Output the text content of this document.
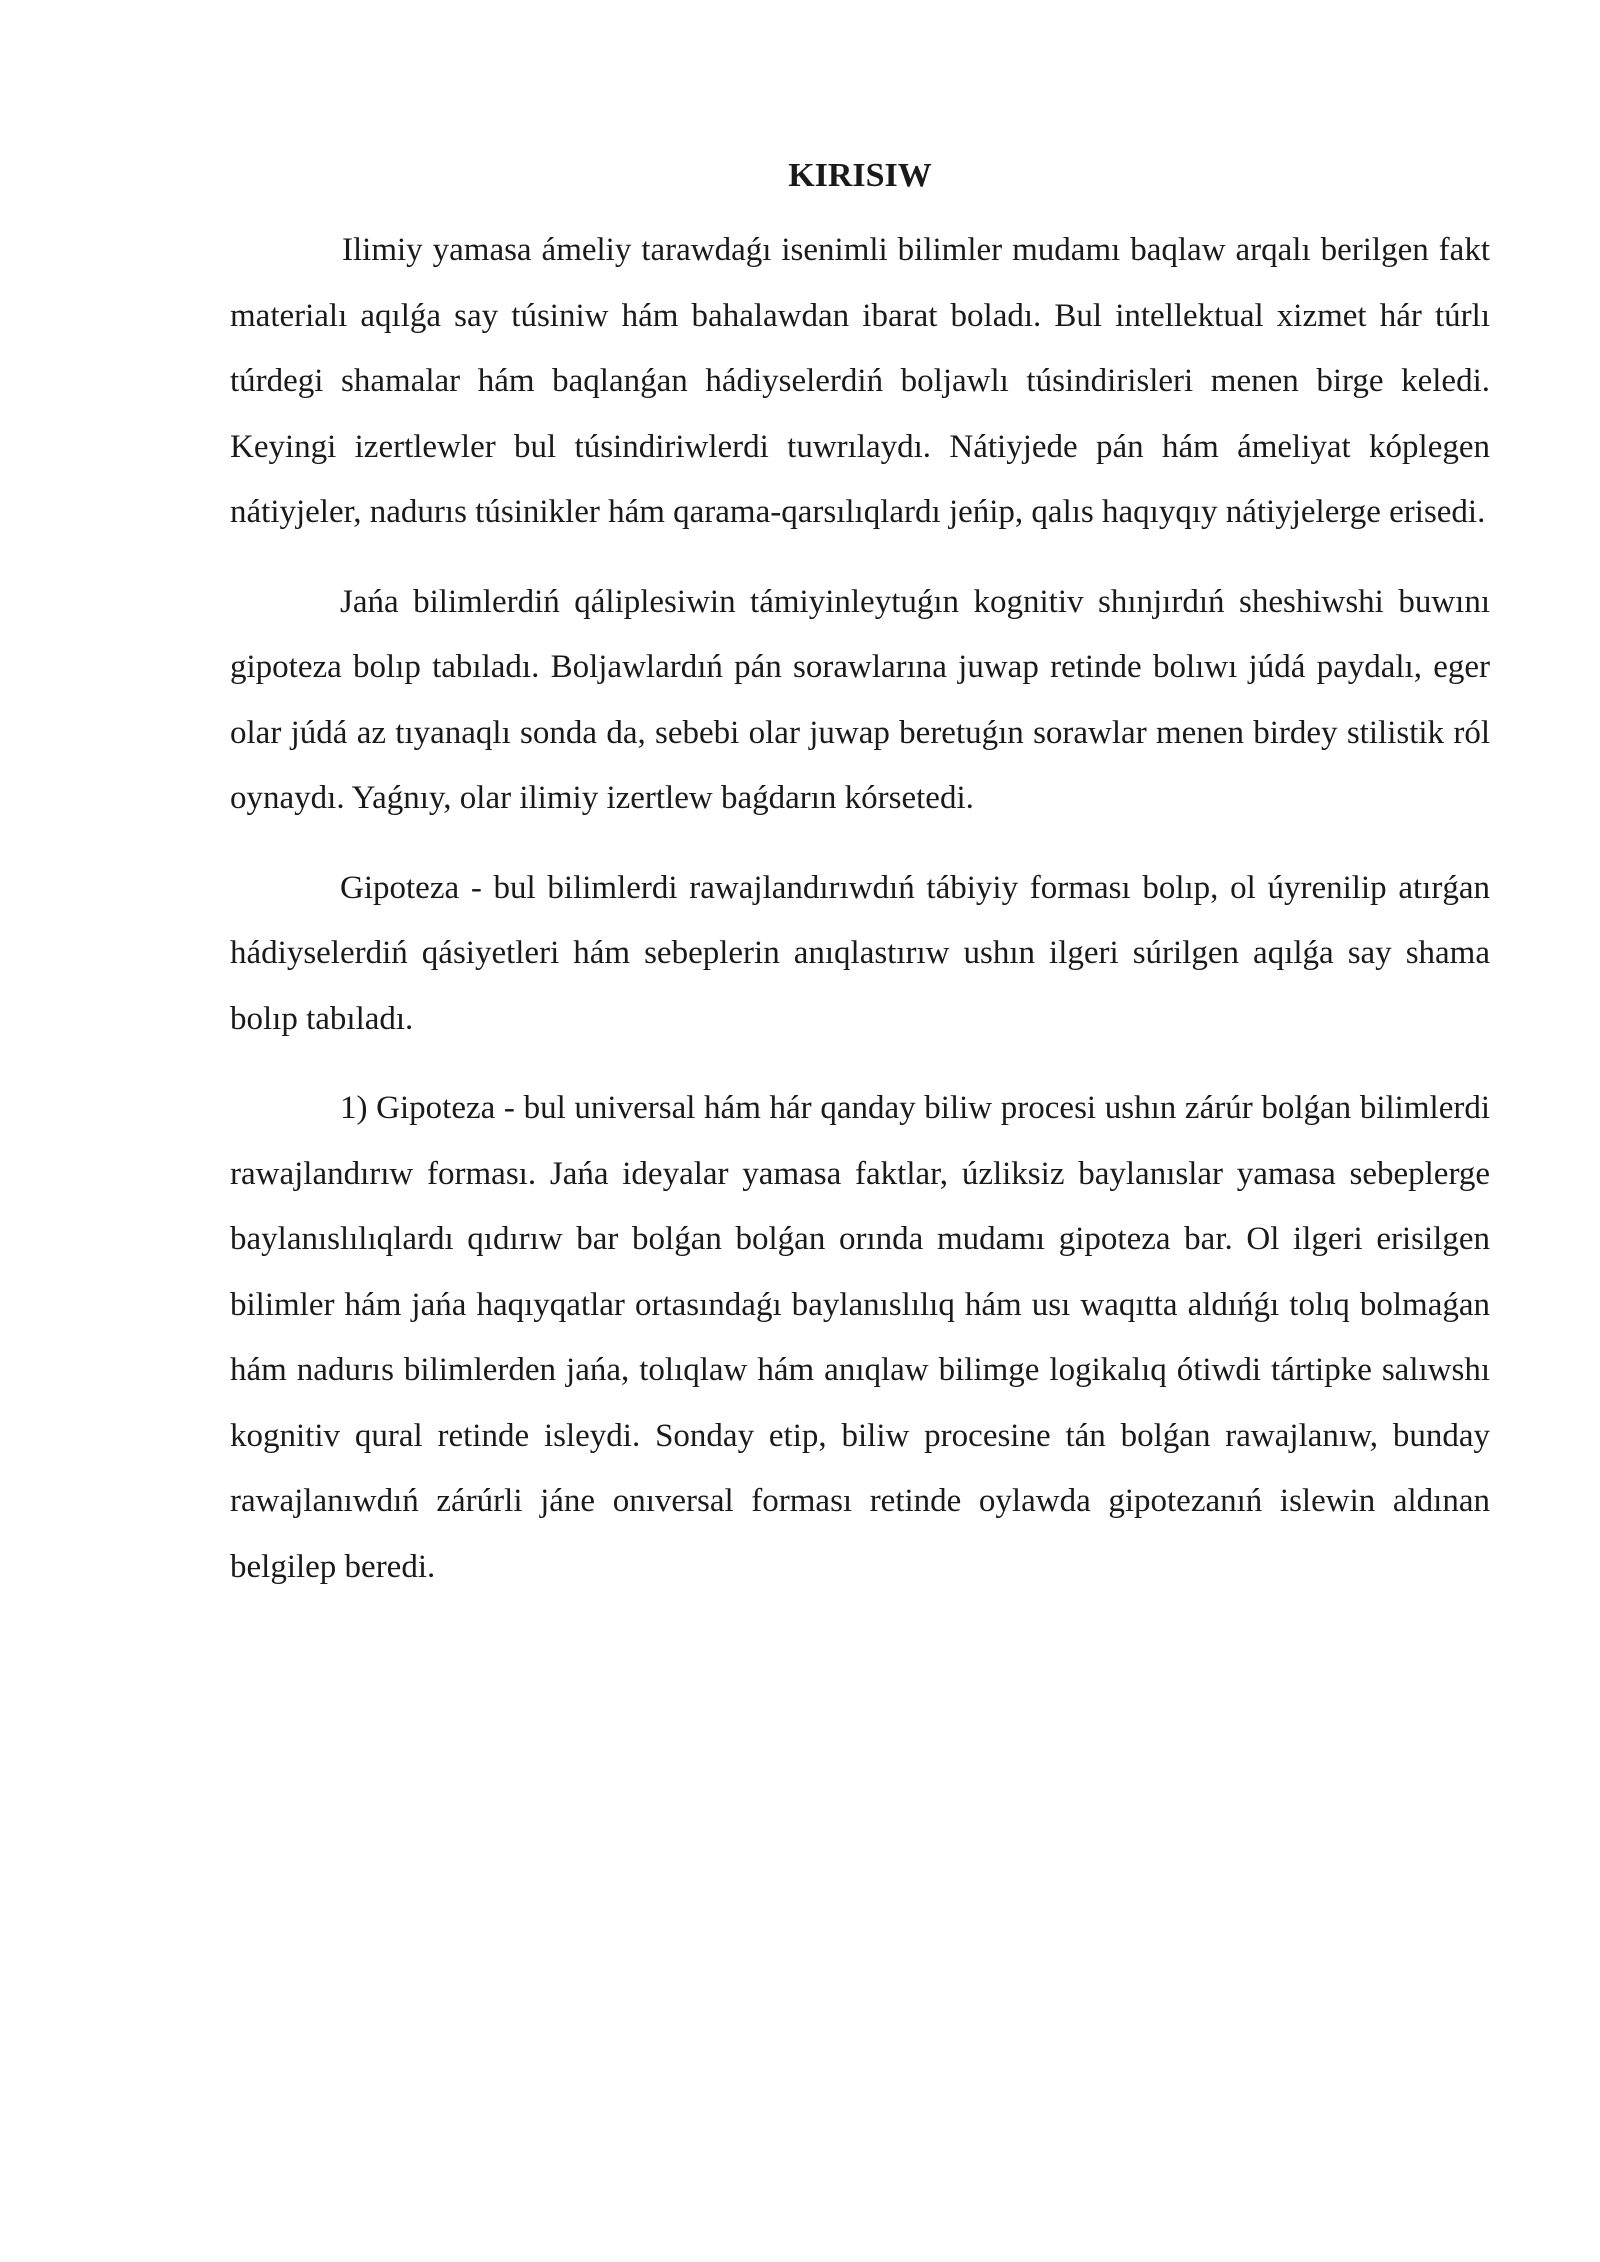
KIRISIW

Ilimiy yamasa ámeliy tarawdaǵı isenimli bilimler mudamı baqlaw arqalı berilgen fakt materialı aqılǵa say túsiniw hám bahalawdan ibarat boladı. Bul intellektual xizmet hár túrlı túrdegi shamalar hám baqlanǵan hádiyselerdiń boljawlı túsindirisleri menen birge keledi. Keyingi izertlewler bul túsindiriwlerdi tuwrılaydı. Nátiyjede pán hám ámeliyat kóplegen nátiyjeler, nadurıs túsinikler hám qarama-qarsılıqlardı jeńip, qalıs haqıyqıy nátiyjelerge erisedi.

Jańa bilimlerdiń qáliplesiwin támiyinleytuǵın kognitiv shınjırdıń sheshiwshi buwını gipoteza bolıp tabıladı. Boljawlardıń pán sorawlarına juwap retinde bolıwı júdá paydalı, eger olar júdá az tıyanaqlı sonda da, sebebi olar juwap beretuǵın sorawlar menen birdey stilistik ról oynaydı. Yaǵnıy, olar ilimiy izertlew baǵdarın kórsetedi.

Gipoteza - bul bilimlerdi rawajlandırıwdıń tábiyiy forması bolıp, ol úyrenilip atırǵan hádiyselerdiń qásiyetleri hám sebeplerin anıqlastırıw ushın ilgeri súrilgen aqılǵa say shama bolıp tabıladı.

1) Gipoteza - bul universal hám hár qanday biliw procesi ushın zárúr bolǵan bilimlerdi rawajlandırıw forması. Jańa ideyalar yamasa faktlar, úzliksiz baylanıslar yamasa sebeplerge baylanıslılıqlardı qıdırıw bar bolǵan bolǵan orında mudamı gipoteza bar. Ol ilgeri erisilgen bilimler hám jańa haqıyqatlar ortasındaǵı baylanıslılıq hám usı waqıtta aldıńǵı tolıq bolmaǵan hám nadurıs bilimlerden jańa, tolıqlaw hám anıqlaw bilimge logikalıq ótiwdi tártipke salıwshı kognitiv qural retinde isleydi. Sonday etip, biliw procesine tán bolǵan rawajlanıw, bunday rawajlanıwdıń zárúrli jáne onıversal forması retinde oylawda gipotezanıń islewin aldınan belgilep beredi.
